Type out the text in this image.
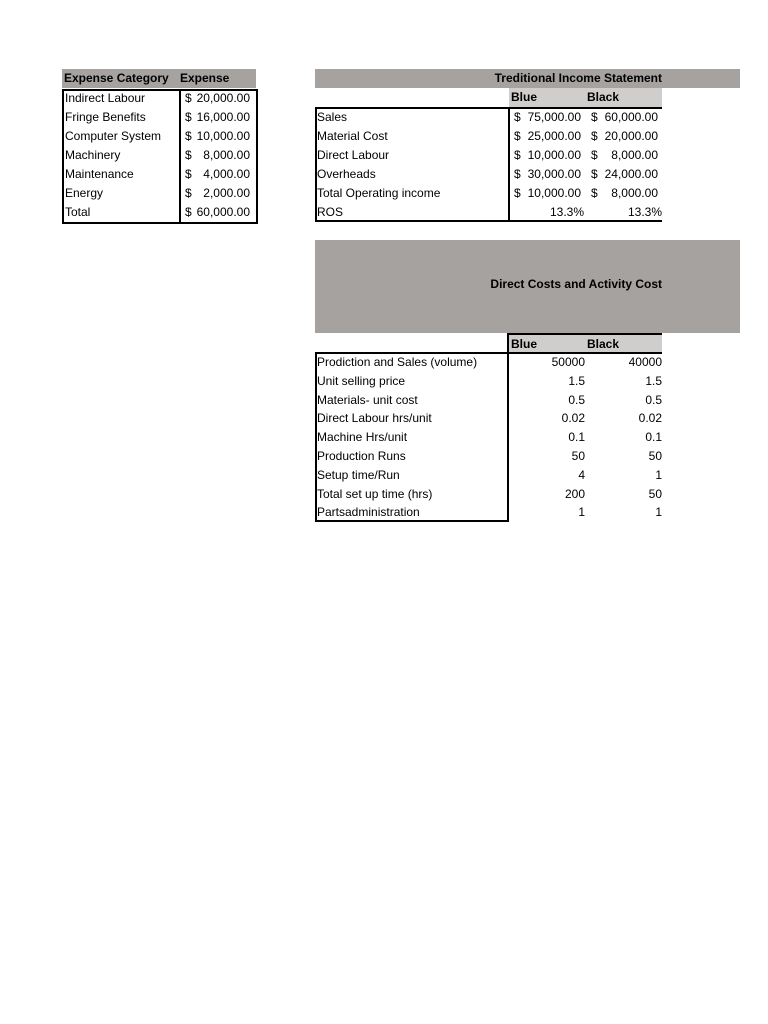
Expense Category Expense
Indirect Labour	$ 20,000.00
Fringe Benefits	$ 16,000.00
Computer System	$ 10,000.00
Machinery	$ 8,000.00
Maintenance	$ 4,000.00
Energy	$ 2,000.00
Total	$ 60,000.00
Treditional Income Statement
Blue	Black
Direct Costs and Activity Cost
Blue	Black
Sales	$ 75,000.00 $ 60,000.00
Material Cost	$ 25,000.00 $ 20,000.00
Direct Labour	$ 10,000.00 $ 8,000.00
Overheads	$ 30,000.00 $ 24,000.00
Total Operating income	$ 10,000.00 $ 8,000.00
ROS	13.3%	13.3%
Prodiction and Sales (volume)	50000	40000
Unit selling price	1.5	1.5
Materials- unit cost	0.5	0.5
Direct Labour hrs/unit	0.02	0.02
Machine Hrs/unit	0.1	0.1
Production Runs	50	50
Setup time/Run	4	1
Total set up time (hrs)	200	50
Partsadministration	1	1
